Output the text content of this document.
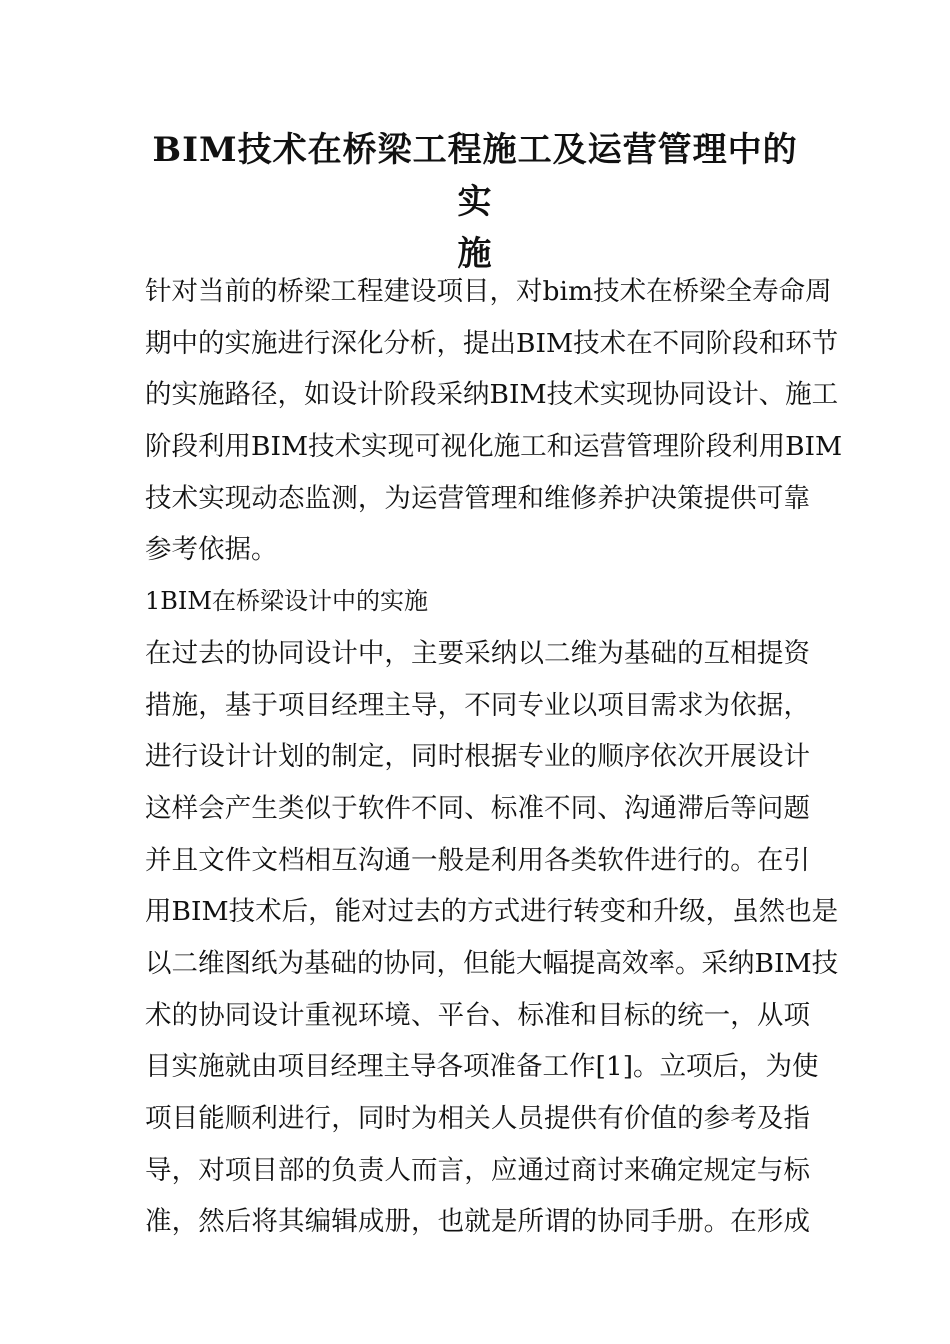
BIM技术在桥梁工程施工及运营管理中的实
施
针对当前的桥梁工程建设项目，对bim技术在桥梁全寿命周
期中的实施进行深化分析，提出BIM技术在不同阶段和环节
的实施路径，如设计阶段采纳BIM技术实现协同设计、施工
阶段利用BIM技术实现可视化施工和运营管理阶段利用BIM
技术实现动态监测，为运营管理和维修养护决策提供可靠
参考依据。
1BIM在桥梁设计中的实施
在过去的协同设计中，主要采纳以二维为基础的互相提资
措施，基于项目经理主导，不同专业以项目需求为依据，
进行设计计划的制定，同时根据专业的顺序依次开展设计
这样会产生类似于软件不同、标准不同、沟通滞后等问题
并且文件文档相互沟通一般是利用各类软件进行的。在引
用BIM技术后，能对过去的方式进行转变和升级，虽然也是
以二维图纸为基础的协同，但能大幅提高效率。采纳BIM技
术的协同设计重视环境、平台、标准和目标的统一，从项
目实施就由项目经理主导各项准备工作[1]。立项后，为使
项目能顺利进行，同时为相关人员提供有价值的参考及指
导，对项目部的负责人而言，应通过商讨来确定规定与标
准，然后将其编辑成册，也就是所谓的协同手册。在形成
